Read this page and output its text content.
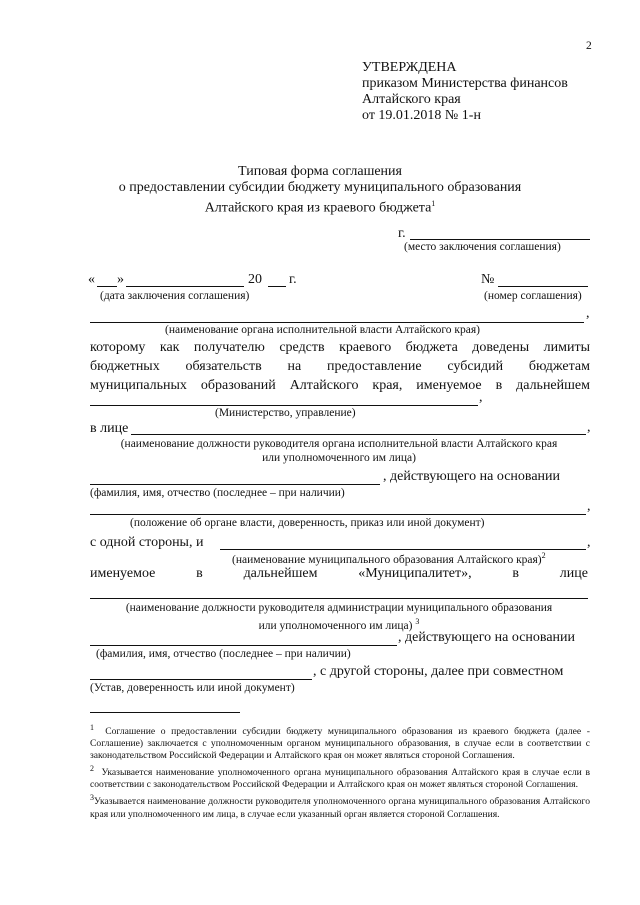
2
УТВЕРЖДЕНА
приказом Министерства финансов
Алтайского края
от 19.01.2018 № 1-н
Типовая форма соглашения
о предоставлении субсидии бюджету муниципального образования
Алтайского края из краевого бюджета$^1$
г.
(место заключения соглашения)
« »	20 г.	№
(дата заключения соглашения)	(номер соглашения)
,
(наименование органа исполнительной власти Алтайского края)
которому как получателю средств краевого бюджета доведены лимиты
бюджетных обязательств на предоставление субсидий бюджетам
муниципальных образований Алтайского края, именуемое в дальнейшем
,
(Министерство, управление)
в лице	,
(наименование должности руководителя органа исполнительной власти Алтайского края
или уполномоченного им лица)
, действующего на основании
(фамилия, имя, отчество (последнее – при наличии)
,
(положение об органе власти, доверенность, приказ или иной документ)
с одной стороны, и	,
(наименование муниципального образования Алтайского края)$^2$
именуемое	в	дальнейшем	«Муниципалитет»,	в	лице
(наименование должности руководителя администрации муниципального образования
или уполномоченного им лица) $^3$
, действующего на основании
(фамилия, имя, отчество (последнее – при наличии)
, с другой стороны, далее при совместном
(Устав, доверенность или иной документ)
$^1$ Соглашение о предоставлении субсидии бюджету муниципального образования из краевого бюджета (далее - Соглашение) заключается с уполномоченным органом муниципального образования, в случае если в соответствии с законодательством Российской Федерации и Алтайского края он может являться стороной Соглашения.
$^2$ Указывается наименование уполномоченного органа муниципального образования Алтайского края в случае если в соответствии с законодательством Российской Федерации и Алтайского края он может являться стороной Соглашения.
$^3$Указывается наименование должности руководителя уполномоченного органа муниципального образования Алтайского края или уполномоченного им лица, в случае если указанный орган является стороной Соглашения.
